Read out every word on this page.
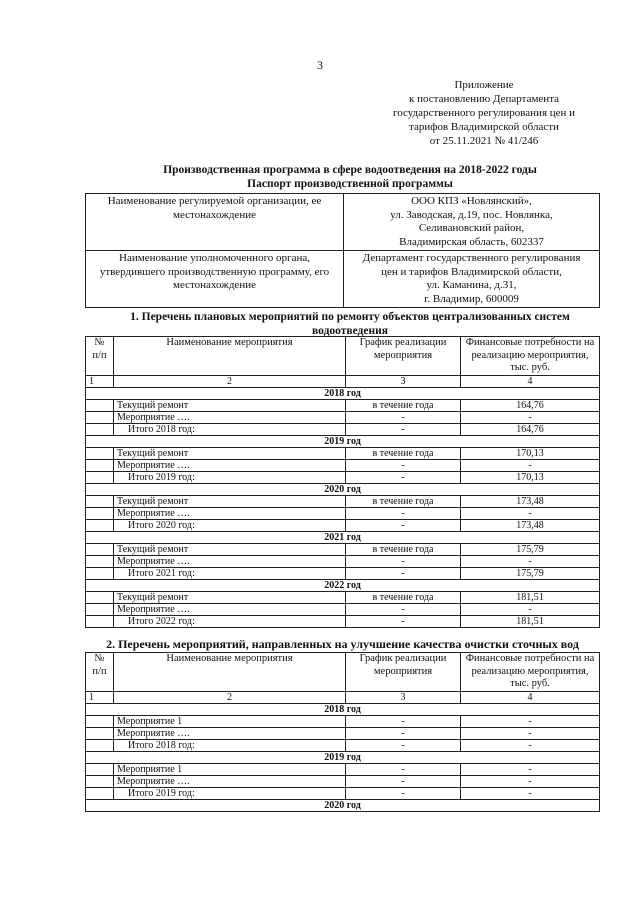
3
Приложение
к постановлению Департамента
государственного регулирования цен и
тарифов Владимирской области
от 25.11.2021 № 41/246
Производственная программа в сфере водоотведения на 2018-2022 годы
Паспорт производственной программы
Наименование регулируемой организации, ее местонахождение	ООО КПЗ «Новлянский»,
ул. Заводская, д.19, пос. Новлянка,
Селивановский район,
Владимирская область, 602337

Наименование уполномоченного органа, утвердившего производственную программу, его местонахождение	Департамент государственного регулирования
цен и тарифов Владимирской области,
ул. Каманина, д.31,
г. Владимир, 600009
1. Перечень плановых мероприятий по ремонту объектов централизованных систем водоотведения
№ п/п	Наименование мероприятия	График реализации мероприятия	Финансовые потребности на реализацию мероприятия, тыс. руб.
1	2	3	4
2018 год			
	Текущий ремонт	в течение года	164,76
	Мероприятие ….	-	-
	Итого 2018 год:	-	164,76
2019 год			
	Текущий ремонт	в течение года	170,13
	Мероприятие ….	-	-
	Итого 2019 год:	-	170,13
2020 год			
	Текущий ремонт	в течение года	173,48
	Мероприятие ….	-	-
	Итого 2020 год:	-	173,48
2021 год			
	Текущий ремонт	в течение года	175,79
	Мероприятие ….	-	-
	Итого 2021 год:	-	175,79
2022 год			
	Текущий ремонт	в течение года	181,51
	Мероприятие ….	-	-
	Итого 2022 год:	-	181,51
2. Перечень мероприятий, направленных на улучшение качества очистки сточных вод
№ п/п	Наименование мероприятия	График реализации мероприятия	Финансовые потребности на реализацию мероприятия, тыс. руб.
1	2	3	4
2018 год			
	Мероприятие 1	-	-
	Мероприятие ….	-	-
	Итого 2018 год:	-	-
2019 год			
	Мероприятие 1	-	-
	Мероприятие ….	-	-
	Итого 2019 год:	-	-
2020 год			
